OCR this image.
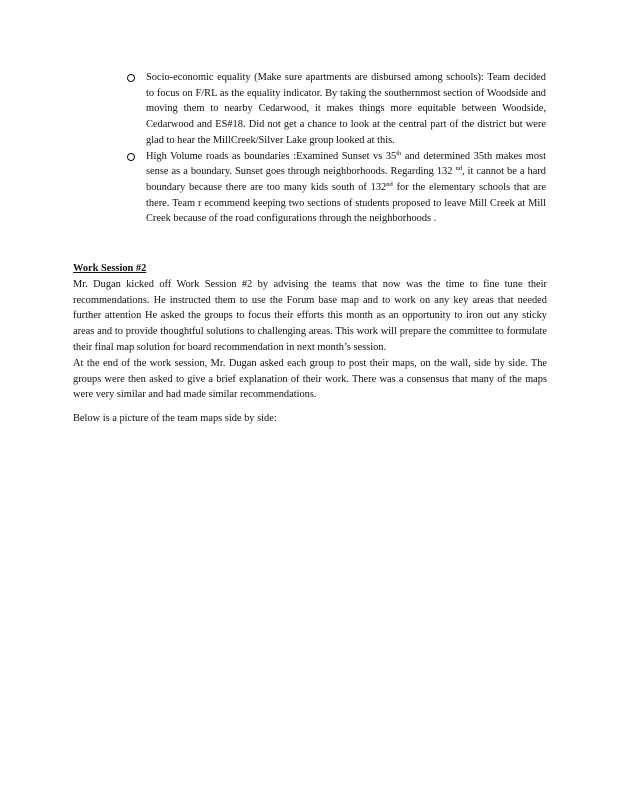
Socio-economic equality (Make sure apartments are disbursed among schools): Team decided to focus on F/RL as the equality indicator. By taking the southernmost section of Woodside and moving them to nearby Cedarwood, it makes things more equitable between Woodside, Cedarwood and ES#18. Did not get a chance to look at the central part of the district but were glad to hear the MillCreek/Silver Lake group looked at this.
High Volume roads as boundaries :Examined Sunset vs 35th and determined 35th makes most sense as a boundary. Sunset goes through neighborhoods. Regarding 132 $^{nd}$, it cannot be a hard boundary because there are too many kids south of 132nd for the elementary schools that are there. Team r ecommend keeping two sections of students proposed to leave Mill Creek at Mill Creek because of the road configurations through the neighborhoods .

Work Session #2

Mr. Dugan kicked off Work Session #2 by advising the teams that now was the time to fine tune their recommendations. He instructed them to use the Forum base map and to work on any key areas that needed further attention He asked the groups to focus their efforts this month as an opportunity to iron out any sticky areas and to provide thoughtful solutions to challenging areas. This work will prepare the committee to formulate their final map solution for board recommendation in next month’s session.

At the end of the work session, Mr. Dugan asked each group to post their maps, on the wall, side by side. The groups were then asked to give a brief explanation of their work. There was a consensus that many of the maps were very similar and had made similar recommendations.

Below is a picture of the team maps side by side:
